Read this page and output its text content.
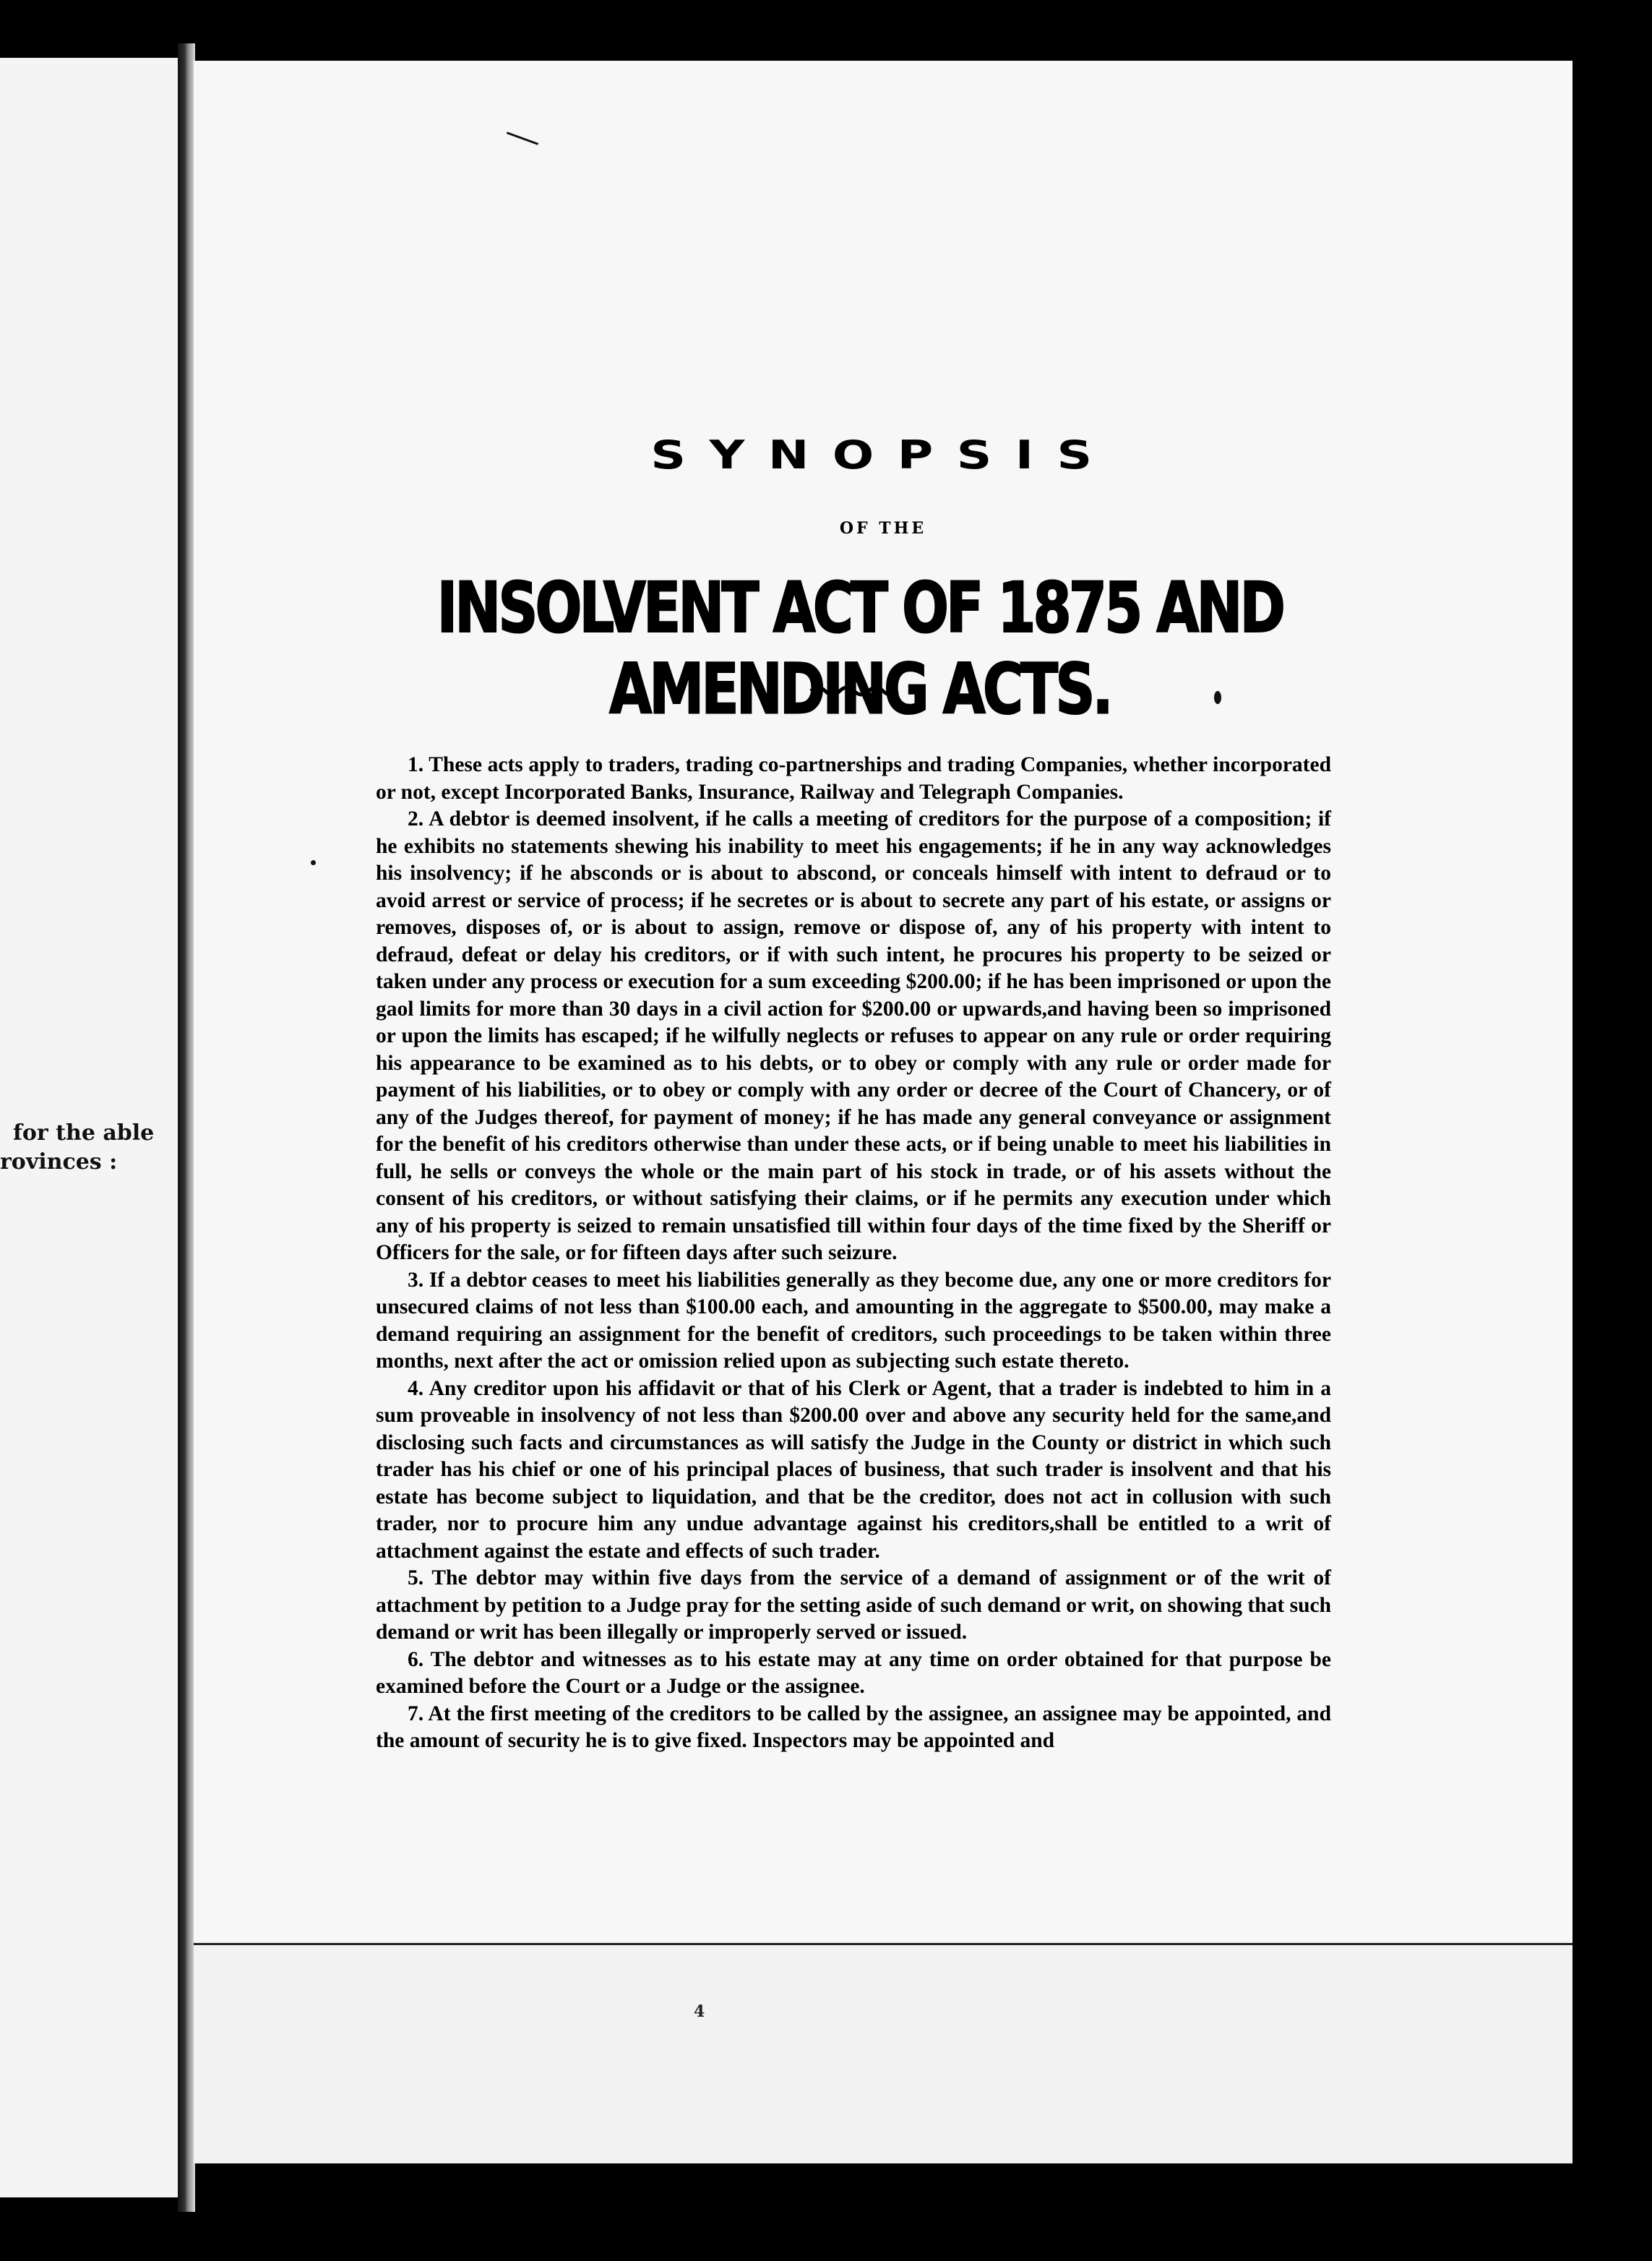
for the able
rovinces :
SYNOPSIS
OF THE
INSOLVENT ACT OF 1875 AND AMENDING ACTS.

1. These acts apply to traders, trading co-partnerships and trading Companies, whether incorporated or not, except Incorporated Banks, Insurance, Railway and Telegraph Companies.

2. A debtor is deemed insolvent, if he calls a meeting of creditors for the purpose of a composition; if he exhibits no statements shewing his inability to meet his engagements; if he in any way acknowledges his insolvency; if he absconds or is about to abscond, or conceals himself with intent to defraud or to avoid arrest or service of process; if he secretes or is about to secrete any part of his estate, or assigns or removes, disposes of, or is about to assign, remove or dispose of, any of his property with intent to defraud, defeat or delay his creditors, or if with such intent, he procures his property to be seized or taken under any process or execution for a sum exceeding $200.00; if he has been imprisoned or upon the gaol limits for more than 30 days in a civil action for $200.00 or upwards,and having been so imprisoned or upon the limits has escaped; if he wilfully neglects or refuses to appear on any rule or order requiring his appearance to be examined as to his debts, or to obey or comply with any rule or order made for payment of his liabilities, or to obey or comply with any order or decree of the Court of Chancery, or of any of the Judges thereof, for payment of money; if he has made any general conveyance or assignment for the benefit of his creditors otherwise than under these acts, or if being unable to meet his liabilities in full, he sells or conveys the whole or the main part of his stock in trade, or of his assets without the consent of his creditors, or without satisfying their claims, or if he permits any execution under which any of his property is seized to remain unsatisfied till within four days of the time fixed by the Sheriff or Officers for the sale, or for fifteen days after such seizure.

3. If a debtor ceases to meet his liabilities generally as they become due, any one or more creditors for unsecured claims of not less than $100.00 each, and amounting in the aggregate to $500.00, may make a demand requiring an assignment for the benefit of creditors, such proceedings to be taken within three months, next after the act or omission relied upon as subjecting such estate thereto.

4. Any creditor upon his affidavit or that of his Clerk or Agent, that a trader is indebted to him in a sum proveable in insolvency of not less than $200.00 over and above any security held for the same,and disclosing such facts and circumstances as will satisfy the Judge in the County or district in which such trader has his chief or one of his principal places of business, that such trader is insolvent and that his estate has become subject to liquidation, and that be the creditor, does not act in collusion with such trader, nor to procure him any undue advantage against his creditors,shall be entitled to a writ of attachment against the estate and effects of such trader.

5. The debtor may within five days from the service of a demand of assignment or of the writ of attachment by petition to a Judge pray for the setting aside of such demand or writ, on showing that such demand or writ has been illegally or improperly served or issued.

6. The debtor and witnesses as to his estate may at any time on order obtained for that purpose be examined before the Court or a Judge or the assignee.

7. At the first meeting of the creditors to be called by the assignee, an assignee may be appointed, and the amount of security he is to give fixed. Inspectors may be appointed and

4
